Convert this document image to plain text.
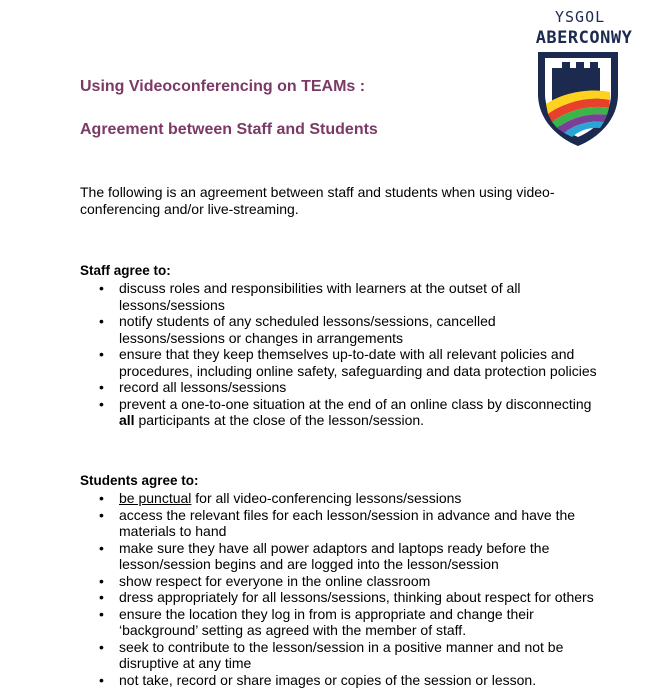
YSGOL
ABERCONWY
Using Videoconferencing on TEAMs :
Agreement between Staff and Students

The following is an agreement between staff and students when using video-conferencing and/or live-streaming.

Staff agree to:

• discuss roles and responsibilities with learners at the outset of all lessons/sessions
• notify students of any scheduled lessons/sessions, cancelled lessons/sessions or changes in arrangements
• ensure that they keep themselves up-to-date with all relevant policies and procedures, including online safety, safeguarding and data protection policies
• record all lessons/sessions
• prevent a one-to-one situation at the end of an online class by disconnecting
all participants at the close of the lesson/session.

Students agree to:

• be punctual for all video-conferencing lessons/sessions
• access the relevant files for each lesson/session in advance and have the materials to hand
• make sure they have all power adaptors and laptops ready before the lesson/session begins and are logged into the lesson/session
• show respect for everyone in the online classroom
• dress appropriately for all lessons/sessions, thinking about respect for others
• ensure the location they log in from is appropriate and change their ‘background’ setting as agreed with the member of staff.
• seek to contribute to the lesson/session in a positive manner and not be disruptive at any time
• not take, record or share images or copies of the session or lesson.
